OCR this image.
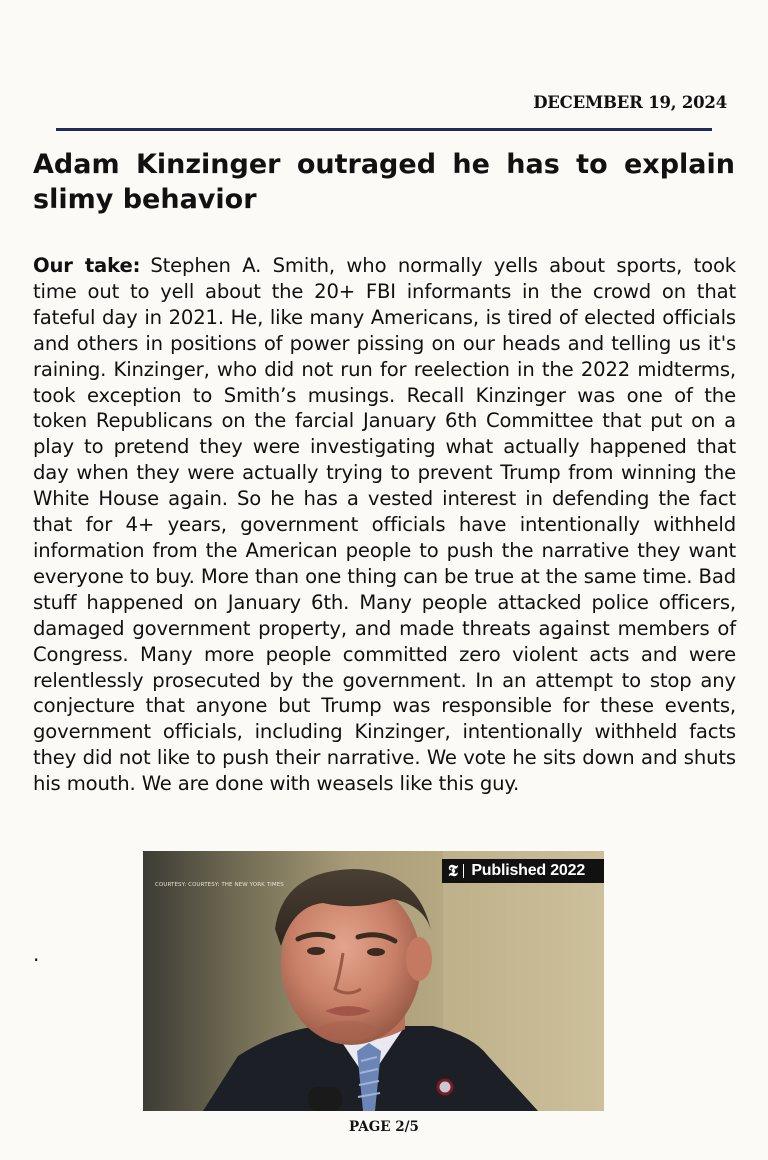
DECEMBER 19, 2024
Adam Kinzinger outraged he has to explain slimy behavior

Our take: Stephen A. Smith, who normally yells about sports, took time out to yell about the 20+ FBI informants in the crowd on that fateful day in 2021. He, like many Americans, is tired of elected officials and others in positions of power pissing on our heads and telling us it's raining. Kinzinger, who did not run for reelection in the 2022 midterms, took exception to Smith’s musings. Recall Kinzinger was one of the token Republicans on the farcial January 6th Committee that put on a play to pretend they were investigating what actually happened that day when they were actually trying to prevent Trump from winning the White House again. So he has a vested interest in defending the fact that for 4+ years, government officials have intentionally withheld information from the American people to push the narrative they want everyone to buy. More than one thing can be true at the same time. Bad stuff happened on January 6th. Many people attacked police officers, damaged government property, and made threats against members of Congress. Many more people committed zero violent acts and were relentlessly prosecuted by the government. In an attempt to stop any conjecture that anyone but Trump was responsible for these events, government officials, including Kinzinger, intentionally withheld facts they did not like to push their narrative. We vote he sits down and shuts his mouth. We are done with weasels like this guy.

.
COURTESY: COURTESY: THE NEW YORK TIMES
𝕿 Published 2022
PAGE 2/5
